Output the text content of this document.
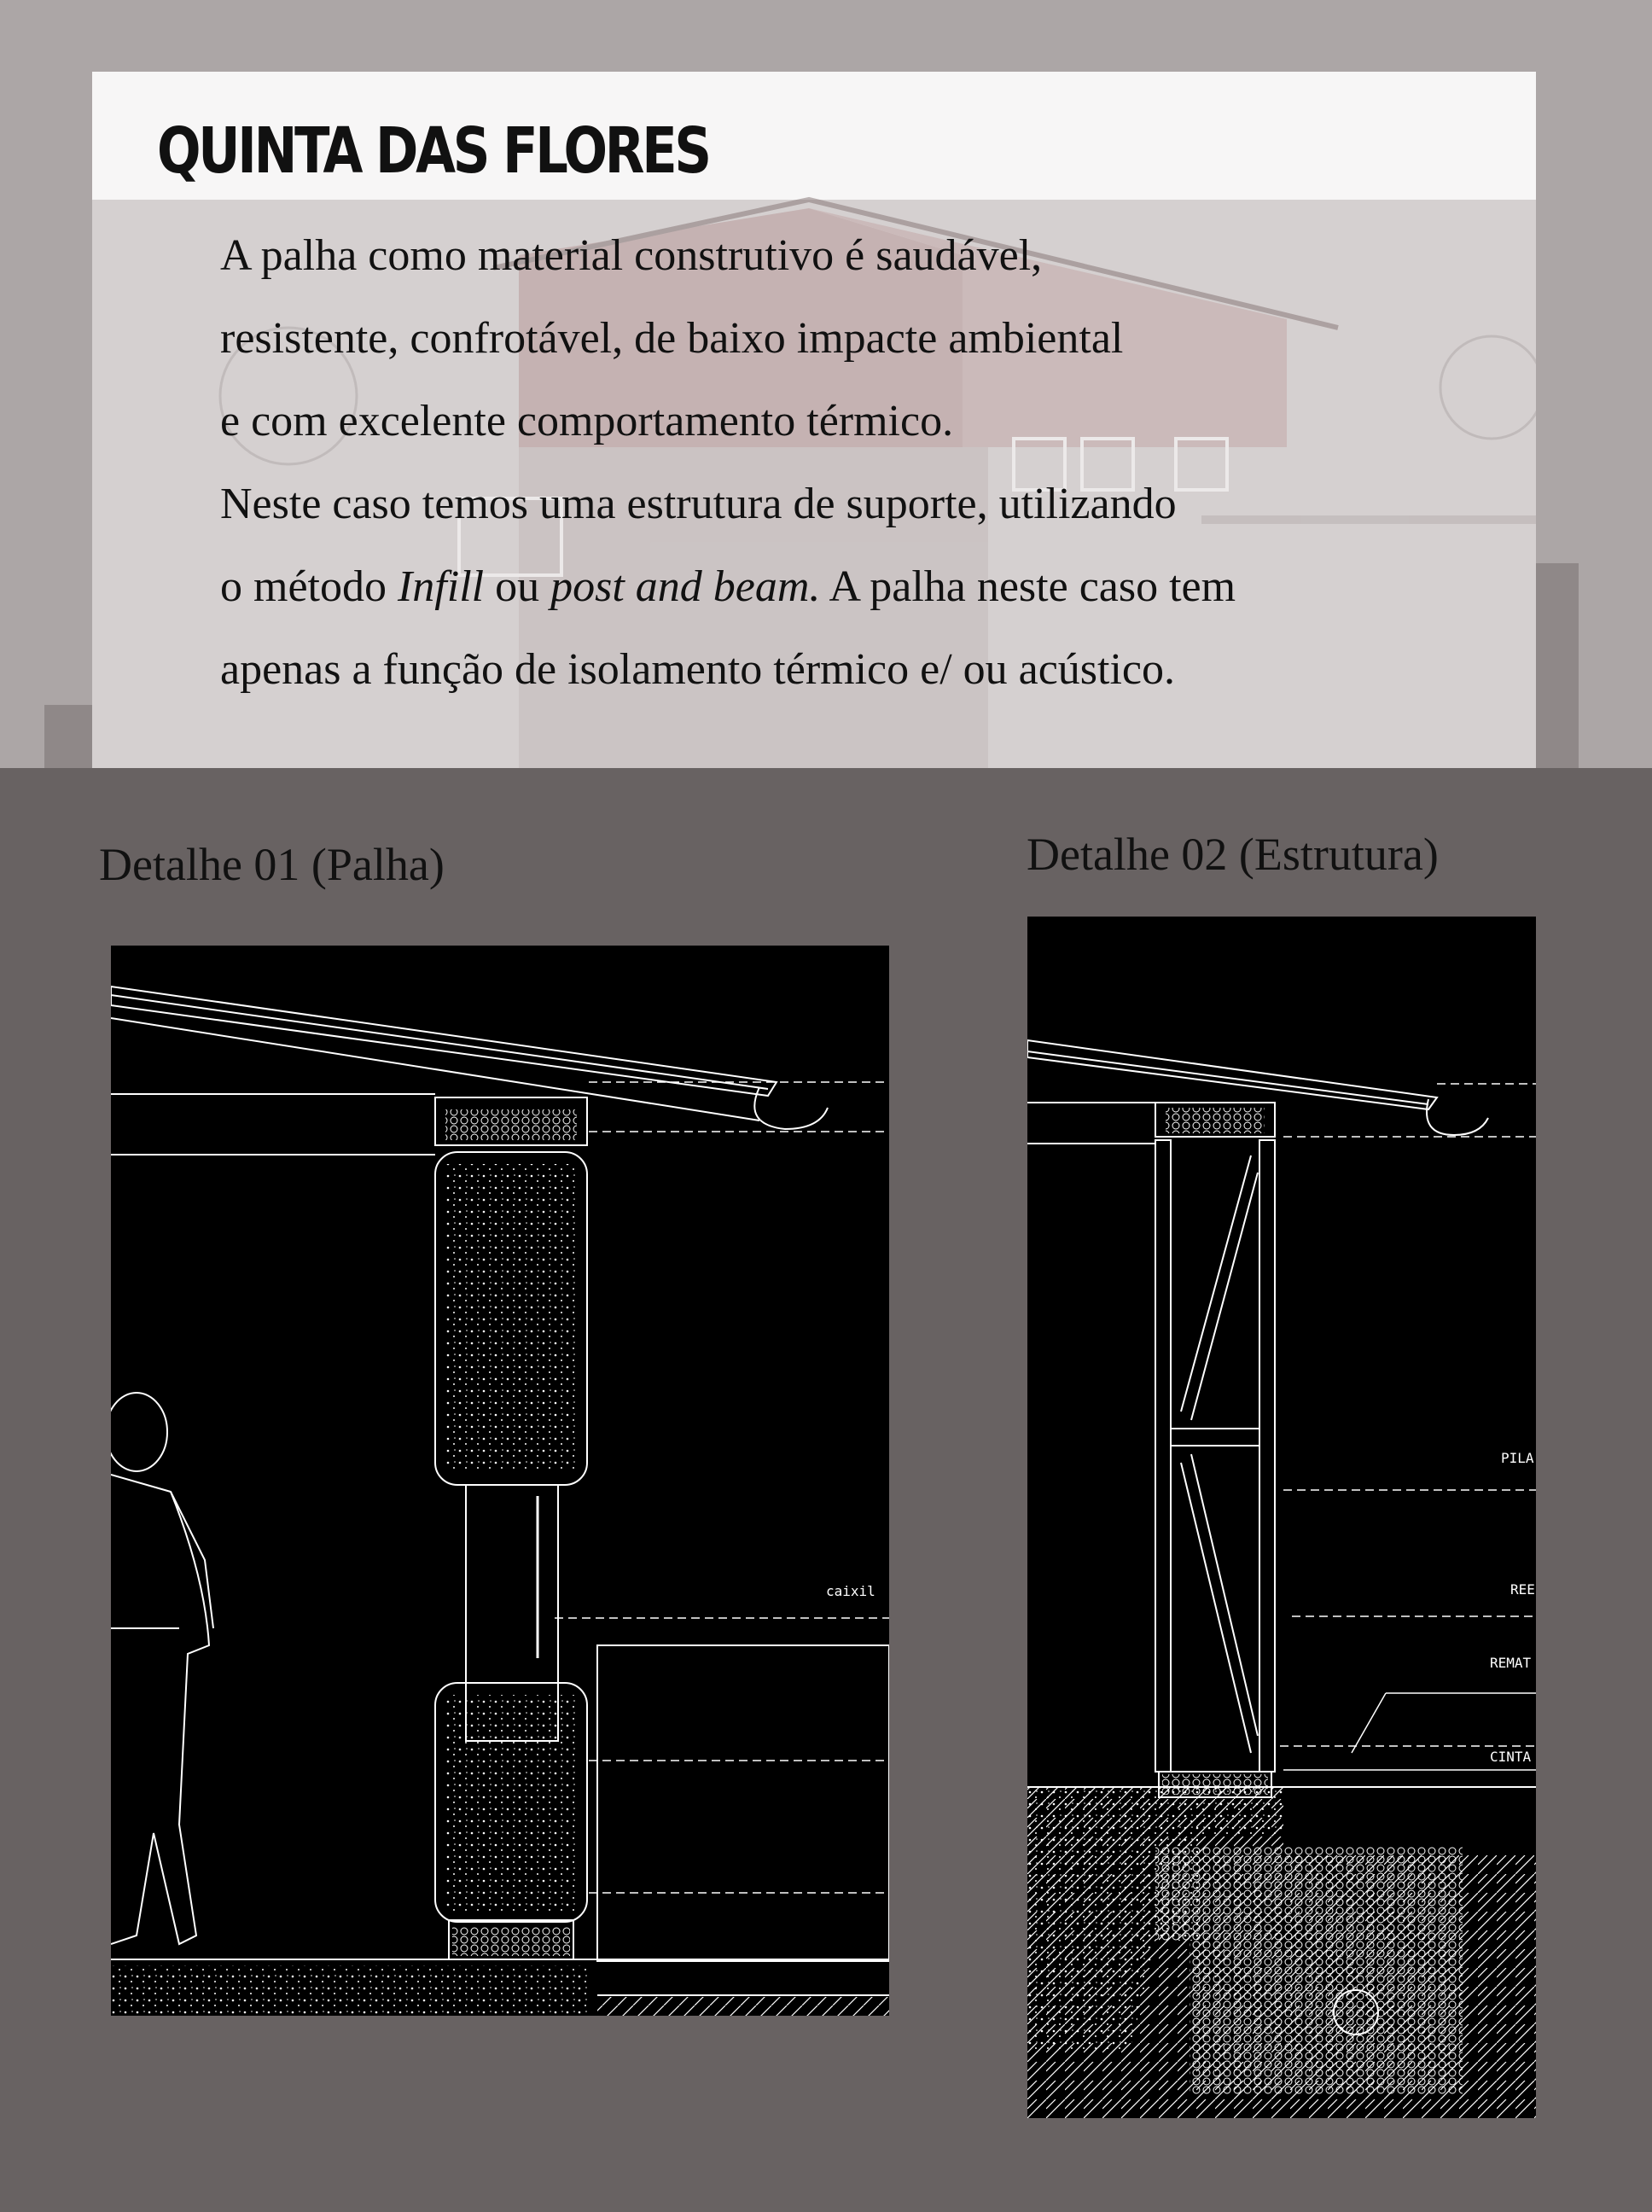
QUINTA DAS FLORES

A palha como material construtivo é saudável,
resistente, confrotável, de baixo impacte ambiental
e com excelente comportamento térmico.
Neste caso temos uma estrutura de suporte, utilizando
o método Infill ou post and beam. A palha neste caso tem
apenas a função de isolamento térmico e/ ou acústico.

Detalhe 01 (Palha)	Detalhe 02 (Estrutura)
caixil
PILA
REE
REMAT
CINTA
